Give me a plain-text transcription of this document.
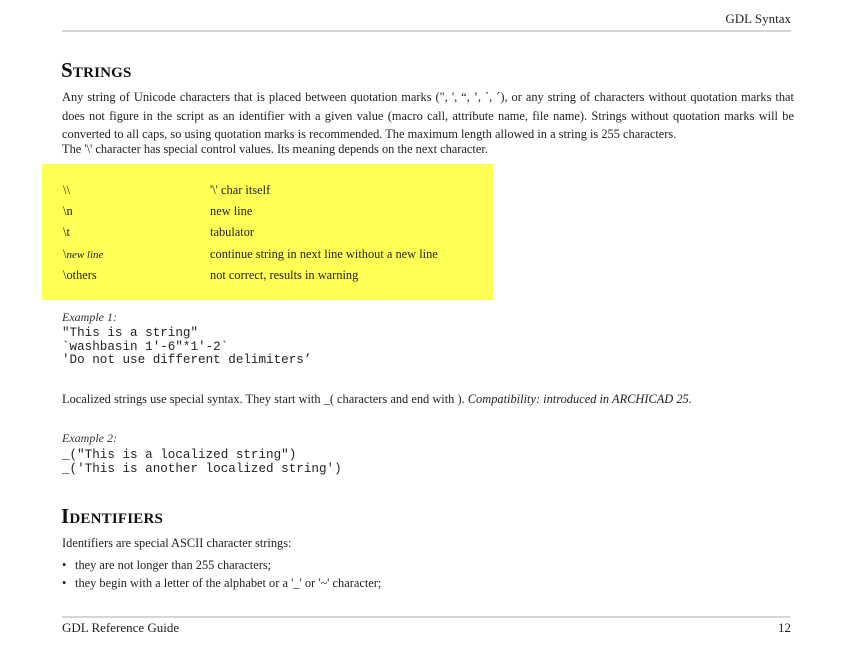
GDL Syntax
Strings

Any string of Unicode characters that is placed between quotation marks (", ', “, ’, `, ´), or any string of characters without quotation marks that does not figure in the script as an identifier with a given value (macro call, attribute name, file name). Strings without quotation marks will be converted to all caps, so using quotation marks is recommended. The maximum length allowed in a string is 255 characters.

The '\' character has special control values. Its meaning depends on the next character.

\\	'\' char itself
\n	new line
\t	tabulator
\new line	continue string in next line without a new line
\others	not correct, results in warning
Example 1:
"This is a string"
`washbasin 1'-6"*1'-2`
'Do not use different delimiters’

Localized strings use special syntax. They start with _( characters and end with ). Compatibility: introduced in ARCHICAD 25.

Example 2:
_("This is a localized string")
_('This is another localized string')
Identifiers

Identifiers are special ASCII character strings:

• they are not longer than 255 characters;
• they begin with a letter of the alphabet or a '_' or '~' character;
GDL Reference Guide	12
